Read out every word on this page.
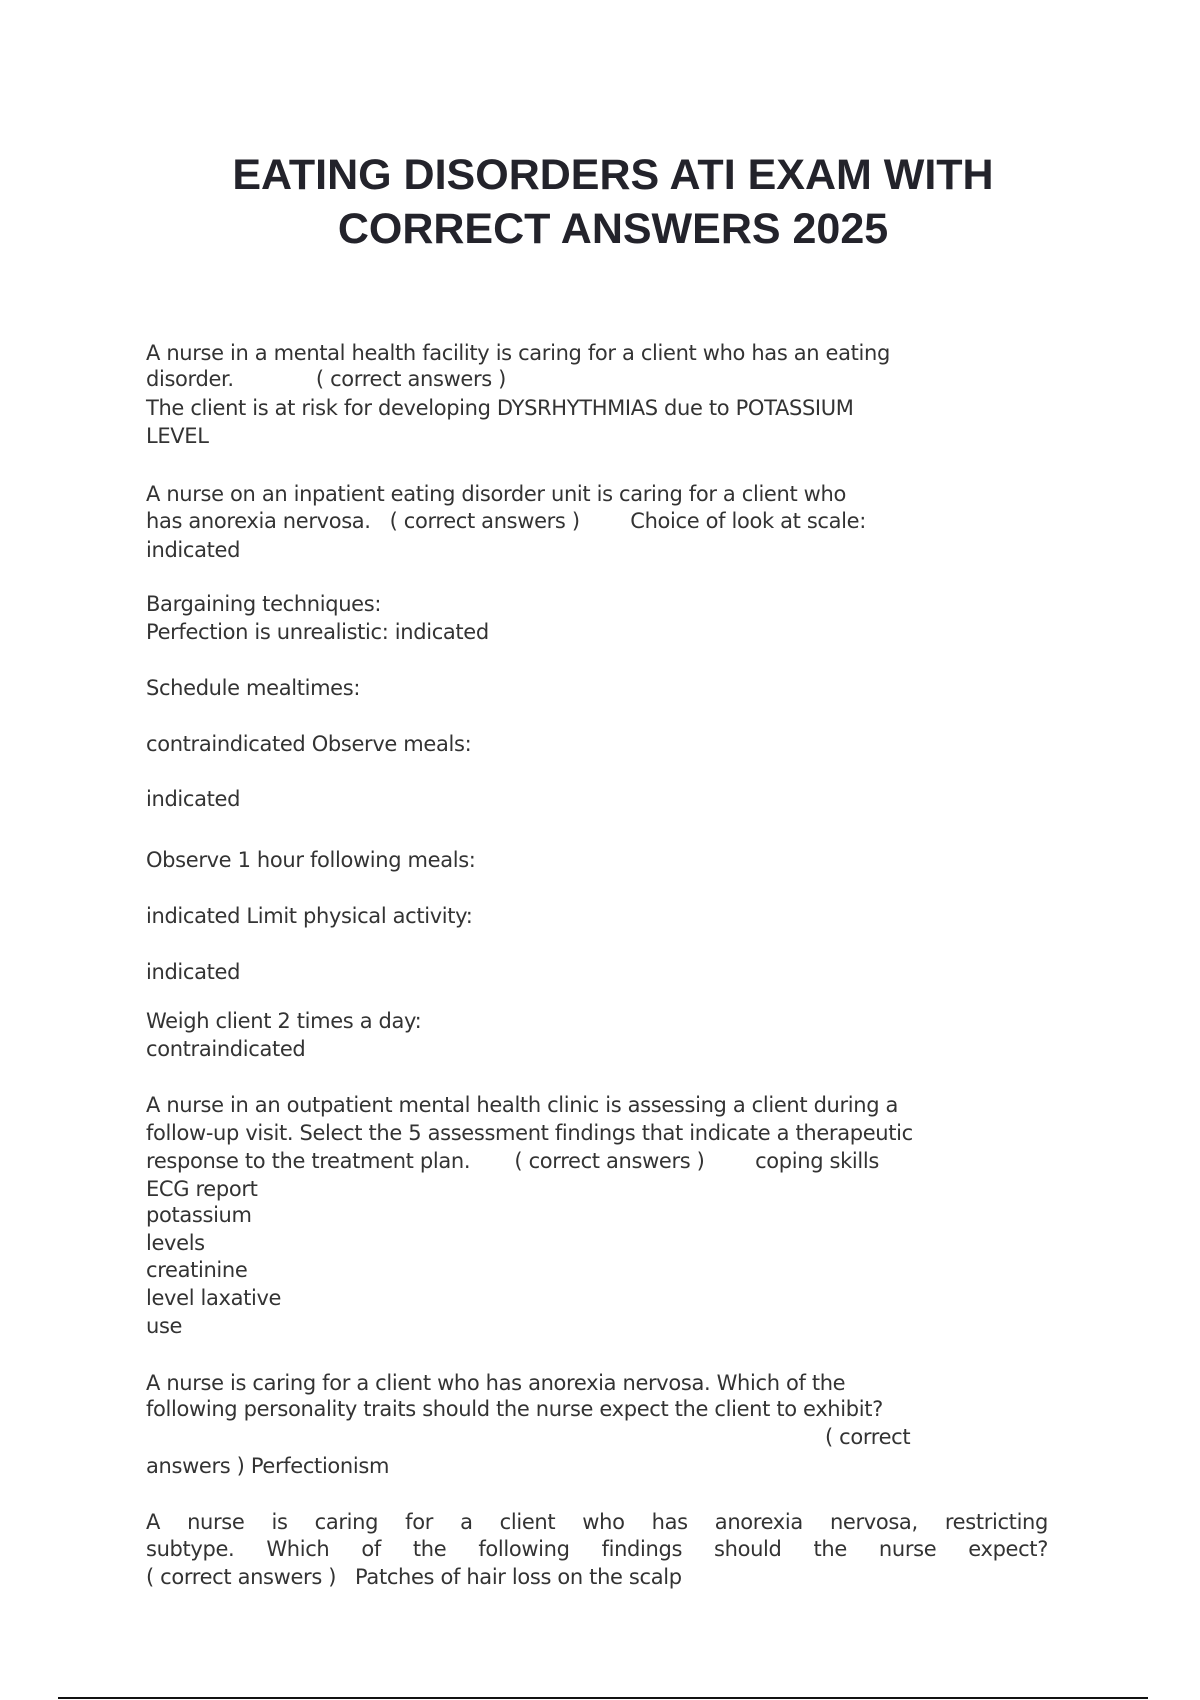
EATING DISORDERS ATI EXAM WITH
CORRECT ANSWERS 2025
A nurse in a mental health facility is caring for a client who has an eating
disorder.             ( correct answers )
The client is at risk for developing DYSRHYTHMIAS due to POTASSIUM
LEVEL
A nurse on an inpatient eating disorder unit is caring for a client who
has anorexia nervosa.   ( correct answers )        Choice of look at scale:
indicated
Bargaining techniques:
Perfection is unrealistic: indicated
Schedule mealtimes:
contraindicated Observe meals:
indicated
Observe 1 hour following meals:
indicated Limit physical activity:
indicated
Weigh client 2 times a day:
contraindicated
A nurse in an outpatient mental health clinic is assessing a client during a
follow-up visit. Select the 5 assessment findings that indicate a therapeutic
response to the treatment plan.       ( correct answers )        coping skills
ECG report
potassium
levels
creatinine
level laxative
use
A nurse is caring for a client who has anorexia nervosa. Which of the
following personality traits should the nurse expect the client to exhibit?
( correct
answers ) Perfectionism
A nurse is caring for a client who has anorexia nervosa, restricting
subtype. Which of the following findings should the nurse expect?
( correct answers )   Patches of hair loss on the scalp
